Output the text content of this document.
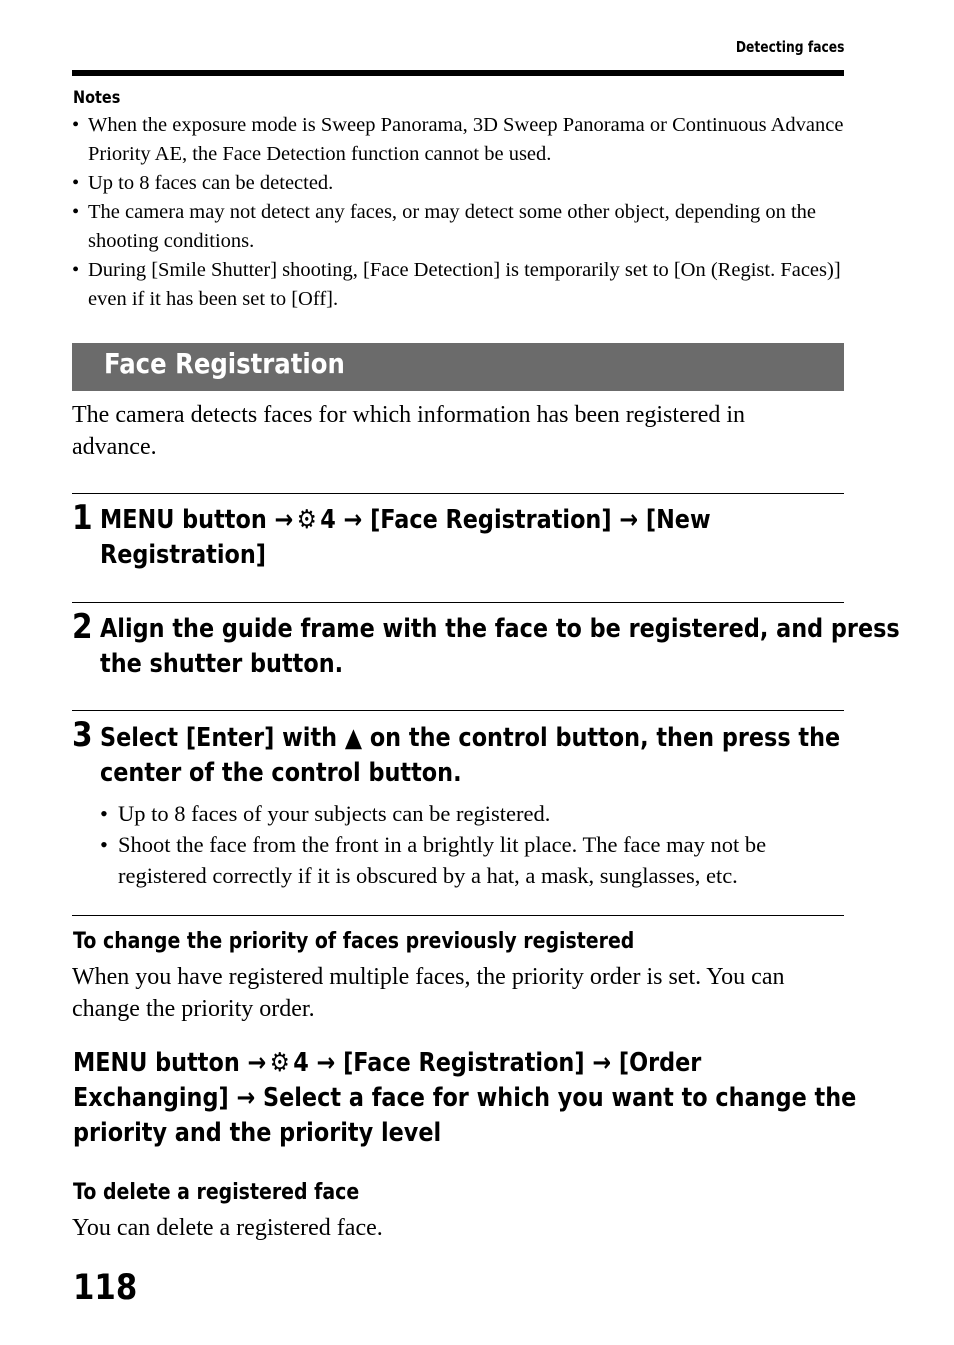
Detecting faces
Notes
• When the exposure mode is Sweep Panorama, 3D Sweep Panorama or Continuous Advance Priority AE, the Face Detection function cannot be used.
• Up to 8 faces can be detected.
• The camera may not detect any faces, or may detect some other object, depending on the shooting conditions.
• During [Smile Shutter] shooting, [Face Detection] is temporarily set to [On (Regist. Faces)] even if it has been set to [Off].
Face Registration
The camera detects faces for which information has been registered in advance.
1 MENU button → ⚙ 4 → [Face Registration] → [New
Registration]
2 Align the guide frame with the face to be registered, and press
the shutter button.
3 Select [Enter] with ▲ on the control button, then press the
center of the control button.
• Up to 8 faces of your subjects can be registered.
• Shoot the face from the front in a brightly lit place. The face may not be registered correctly if it is obscured by a hat, a mask, sunglasses, etc.
To change the priority of faces previously registered
When you have registered multiple faces, the priority order is set. You can change the priority order.
MENU button → ⚙ 4 → [Face Registration] → [Order
Exchanging] → Select a face for which you want to change the
priority and the priority level
To delete a registered face
You can delete a registered face.
118
